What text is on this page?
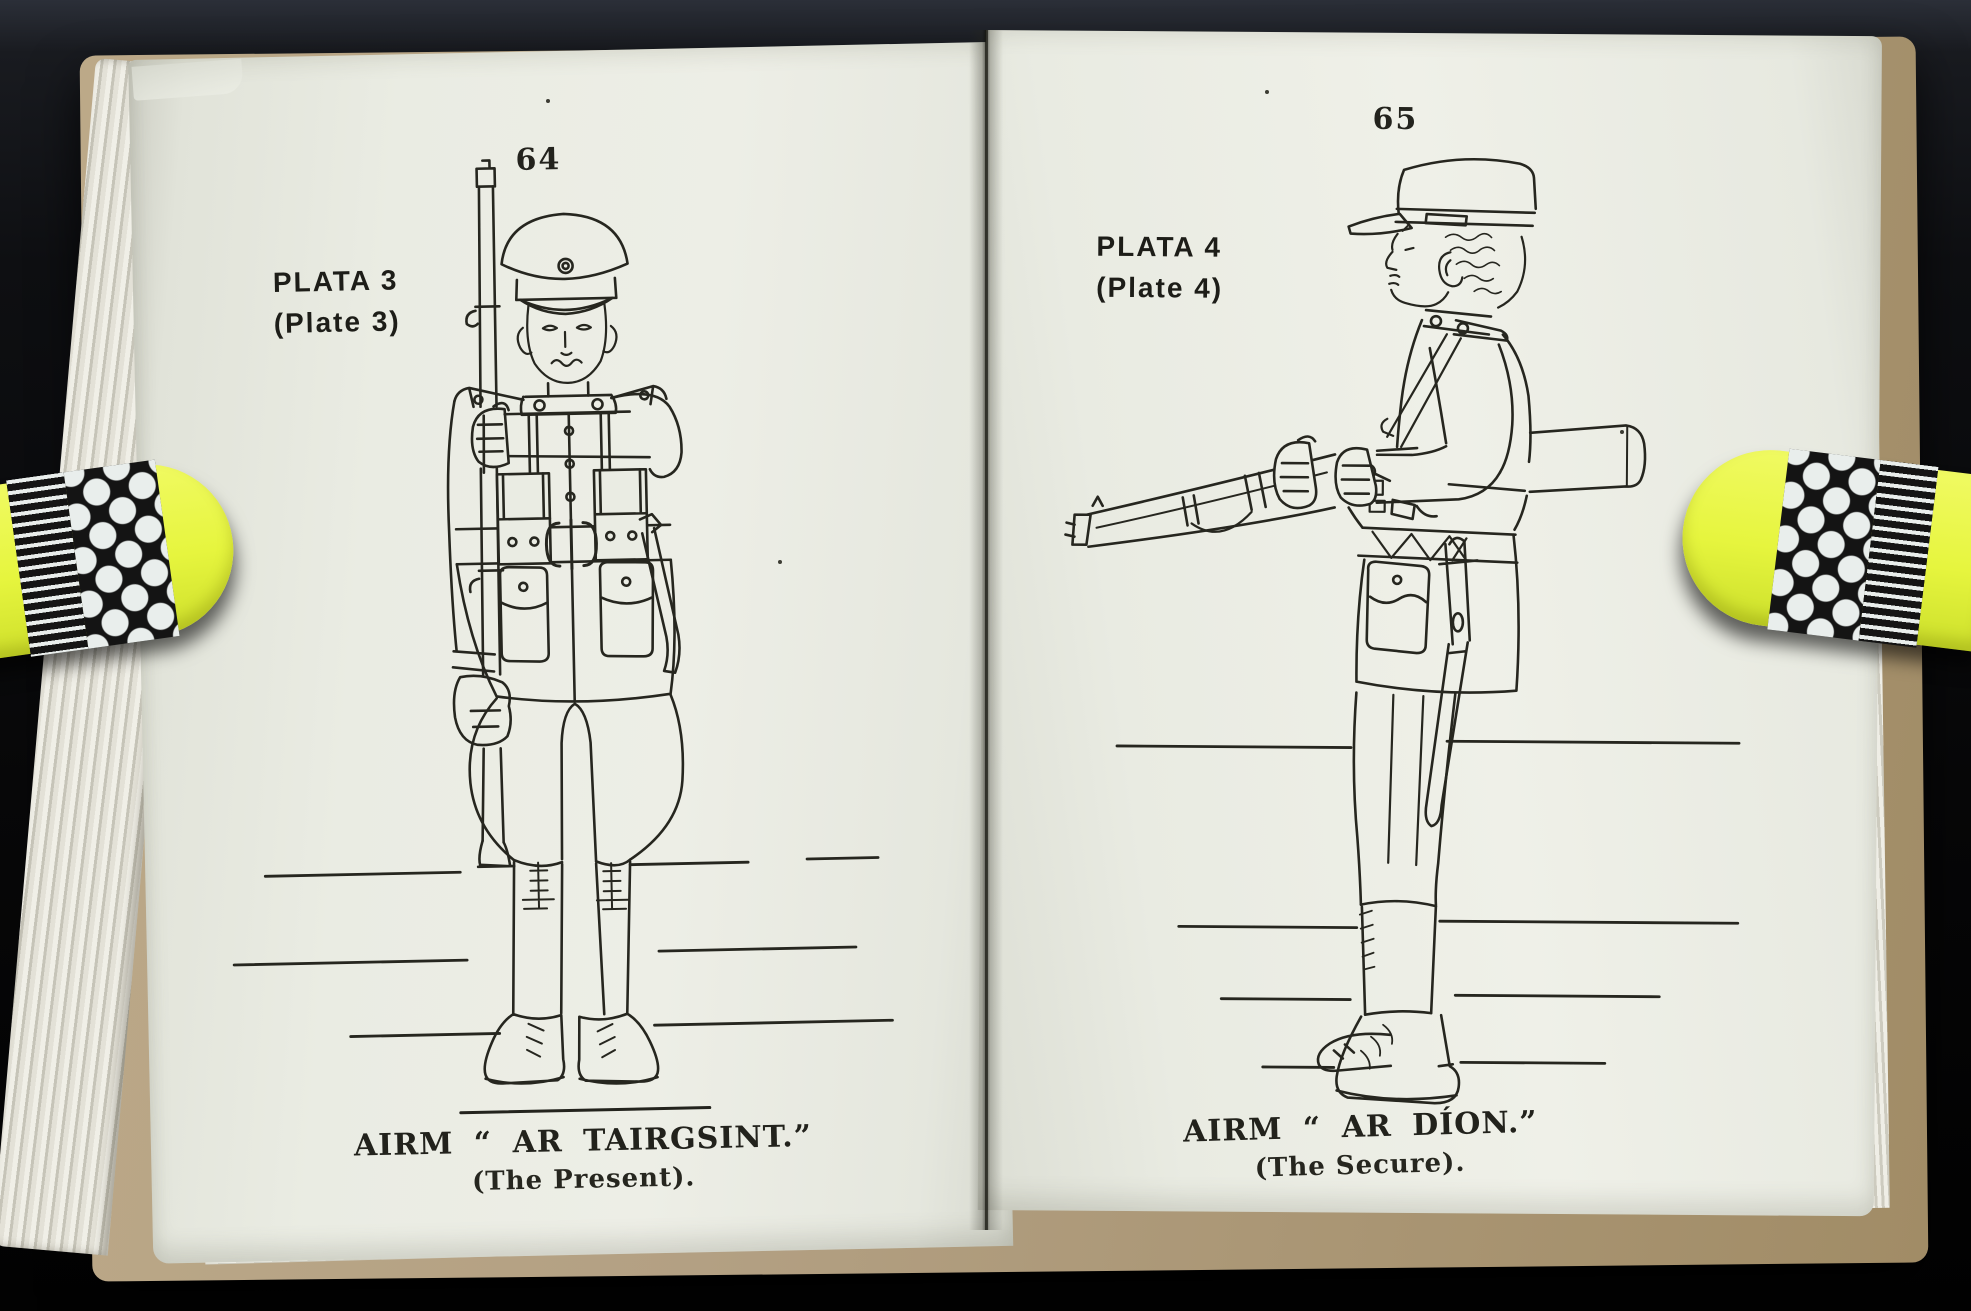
64
PLATA 3
(Plate 3)
AIRM “ AR TAIRGSINT.”
(The Present).
65
PLATA 4
(Plate 4)
AIRM “ AR DÍON.”
(The Secure).
